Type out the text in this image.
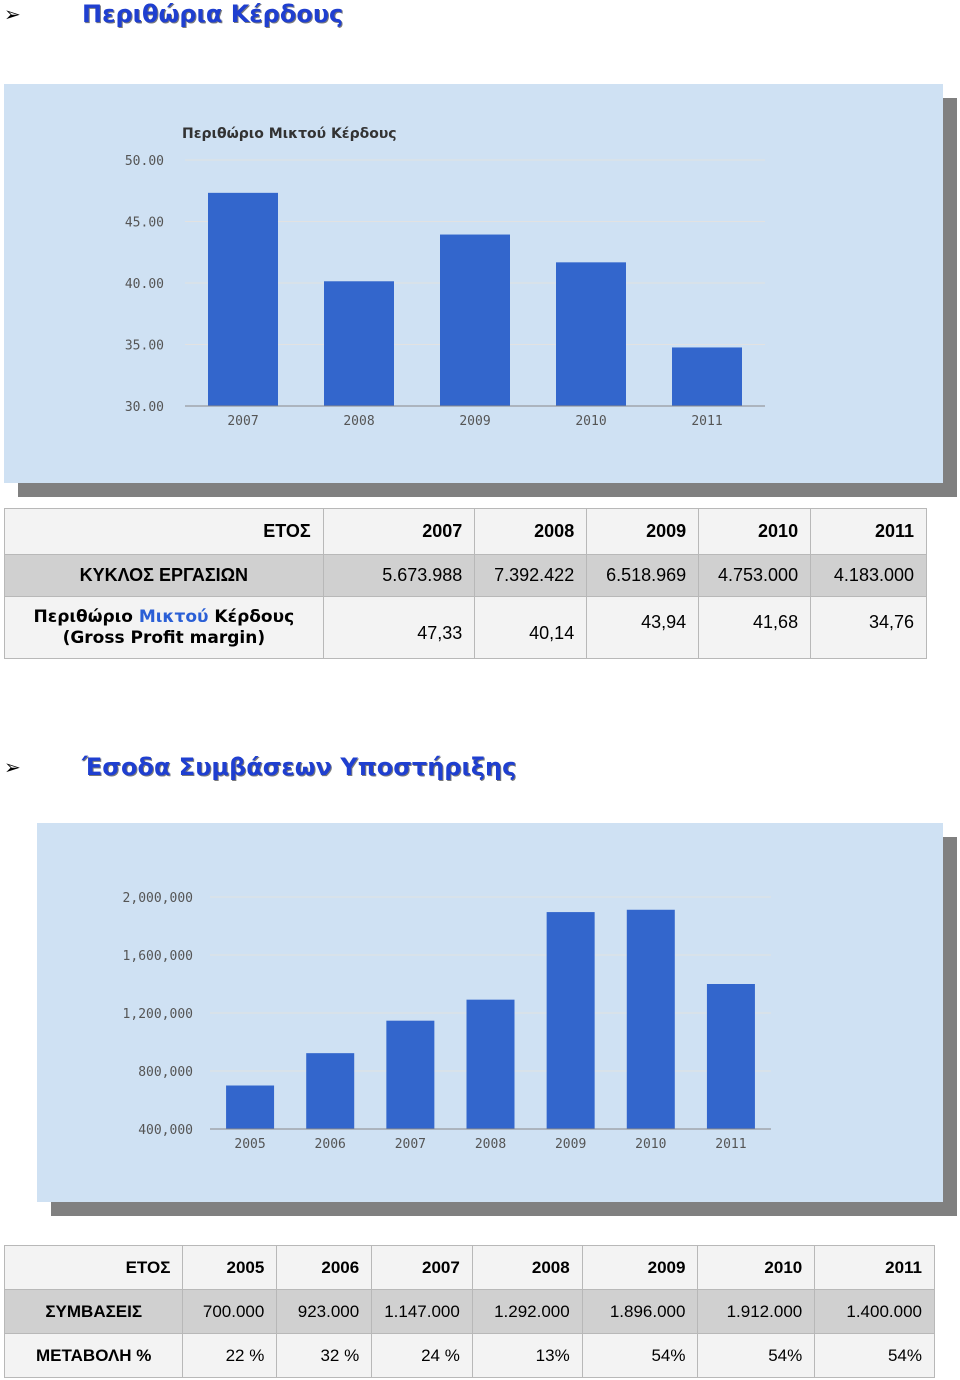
➢	Περιθώρια Κέρδους
Περιθώριο Μικτού Κέρδους
30.00
35.00
40.00
45.00
50.00
2007	2008	2009	2010	2011
ΕΤΟΣ	2007	2008	2009	2010	2011
ΚΥΚΛΟΣ ΕΡΓΑΣΙΩΝ	5.673.988	7.392.422	6.518.969	4.753.000	4.183.000
Περιθώριο Μικτού Κέρδους
(Gross Profit margin)	47,33	40,14	43,94	41,68	34,76
➢	Έσοδα Συμβάσεων Υποστήριξης
400,000
800,000
1,200,000
1,600,000
2,000,000
2005	2006	2007	2008	2009	2010	2011
ΕΤΟΣ	2005	2006	2007	2008	2009	2010	2011
ΣΥΜΒΑΣΕΙΣ	700.000	923.000	1.147.000	1.292.000	1.896.000	1.912.000	1.400.000
ΜΕΤΑΒΟΛΗ %	22 %	32 %	24 %	13%	54%	54%	54%
